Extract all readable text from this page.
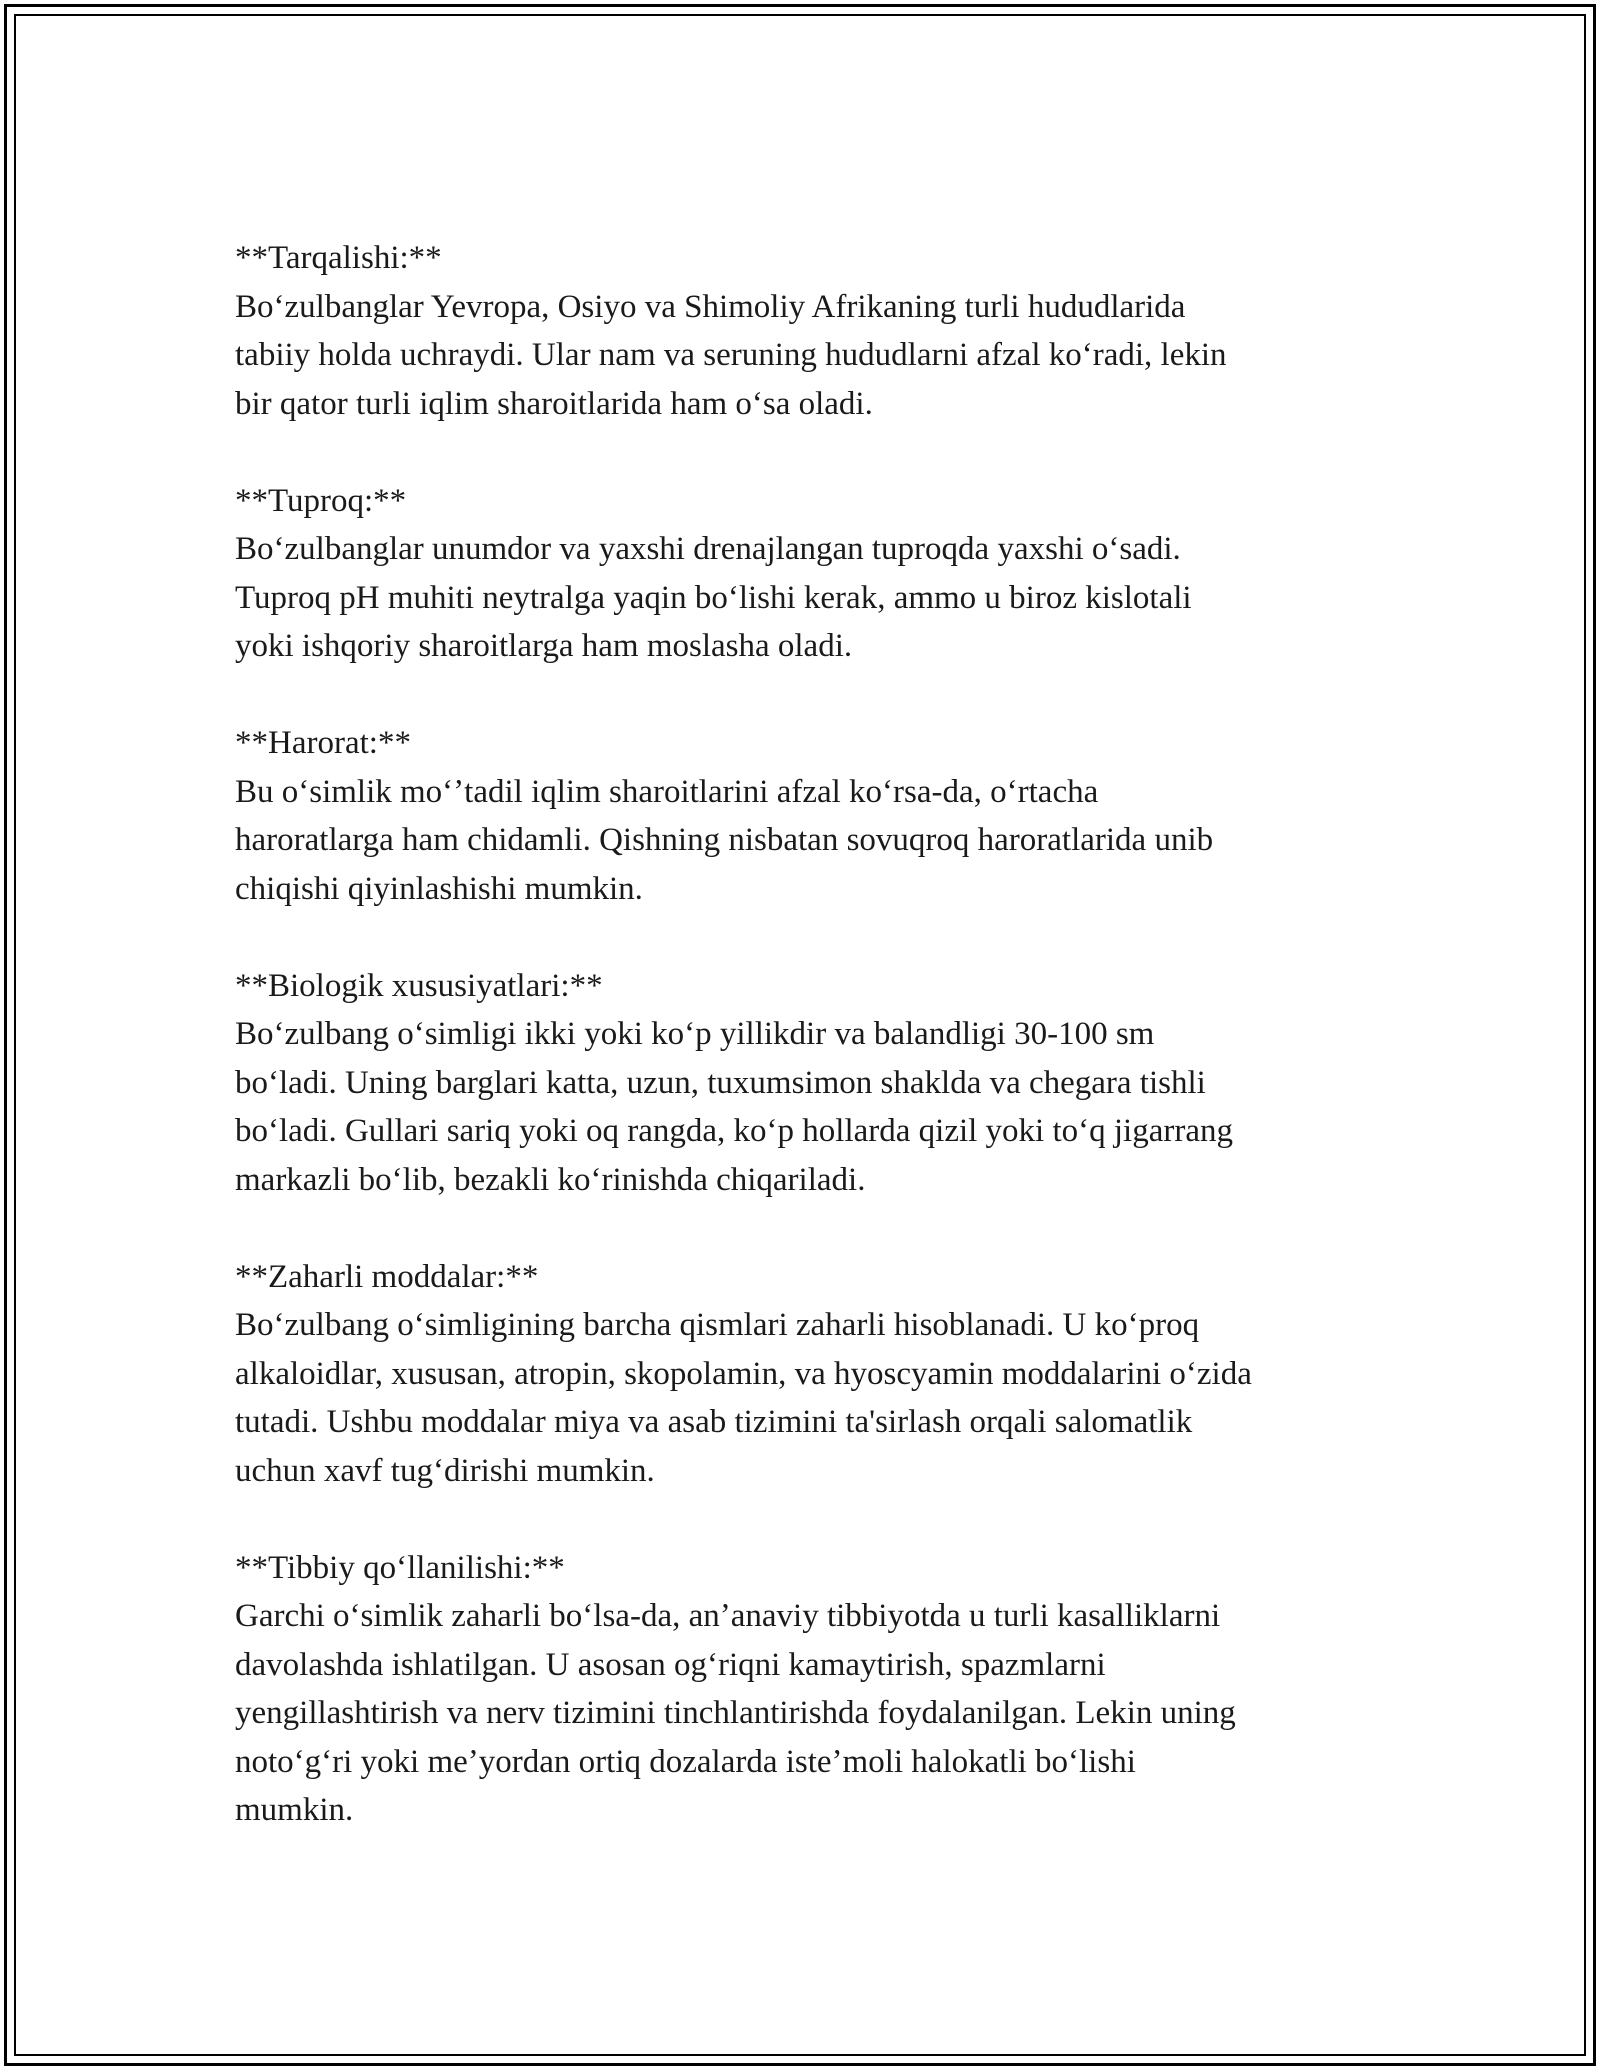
**Tarqalishi:**
Boʻzulbanglar Yevropa, Osiyo va Shimoliy Afrikaning turli hududlarida
tabiiy holda uchraydi. Ular nam va seruning hududlarni afzal koʻradi, lekin
bir qator turli iqlim sharoitlarida ham oʻsa oladi.
**Tuproq:**
Boʻzulbanglar unumdor va yaxshi drenajlangan tuproqda yaxshi oʻsadi.
Tuproq pH muhiti neytralga yaqin boʻlishi kerak, ammo u biroz kislotali
yoki ishqoriy sharoitlarga ham moslasha oladi.
**Harorat:**
Bu oʻsimlik moʻʼtadil iqlim sharoitlarini afzal koʻrsa-da, oʻrtacha
haroratlarga ham chidamli. Qishning nisbatan sovuqroq haroratlarida unib
chiqishi qiyinlashishi mumkin.
**Biologik xususiyatlari:**
Boʻzulbang oʻsimligi ikki yoki koʻp yillikdir va balandligi 30-100 sm
boʻladi. Uning barglari katta, uzun, tuxumsimon shaklda va chegara tishli
boʻladi. Gullari sariq yoki oq rangda, koʻp hollarda qizil yoki toʻq jigarrang
markazli boʻlib, bezakli koʻrinishda chiqariladi.
**Zaharli moddalar:**
Boʻzulbang oʻsimligining barcha qismlari zaharli hisoblanadi. U koʻproq
alkaloidlar, xususan, atropin, skopolamin, va hyoscyamin moddalarini oʻzida
tutadi. Ushbu moddalar miya va asab tizimini ta'sirlash orqali salomatlik
uchun xavf tugʻdirishi mumkin.
**Tibbiy qoʻllanilishi:**
Garchi oʻsimlik zaharli boʻlsa-da, anʼanaviy tibbiyotda u turli kasalliklarni
davolashda ishlatilgan. U asosan ogʻriqni kamaytirish, spazmlarni
yengillashtirish va nerv tizimini tinchlantirishda foydalanilgan. Lekin uning
notoʻgʻri yoki meʼyordan ortiq dozalarda isteʼmoli halokatli boʻlishi
mumkin.
